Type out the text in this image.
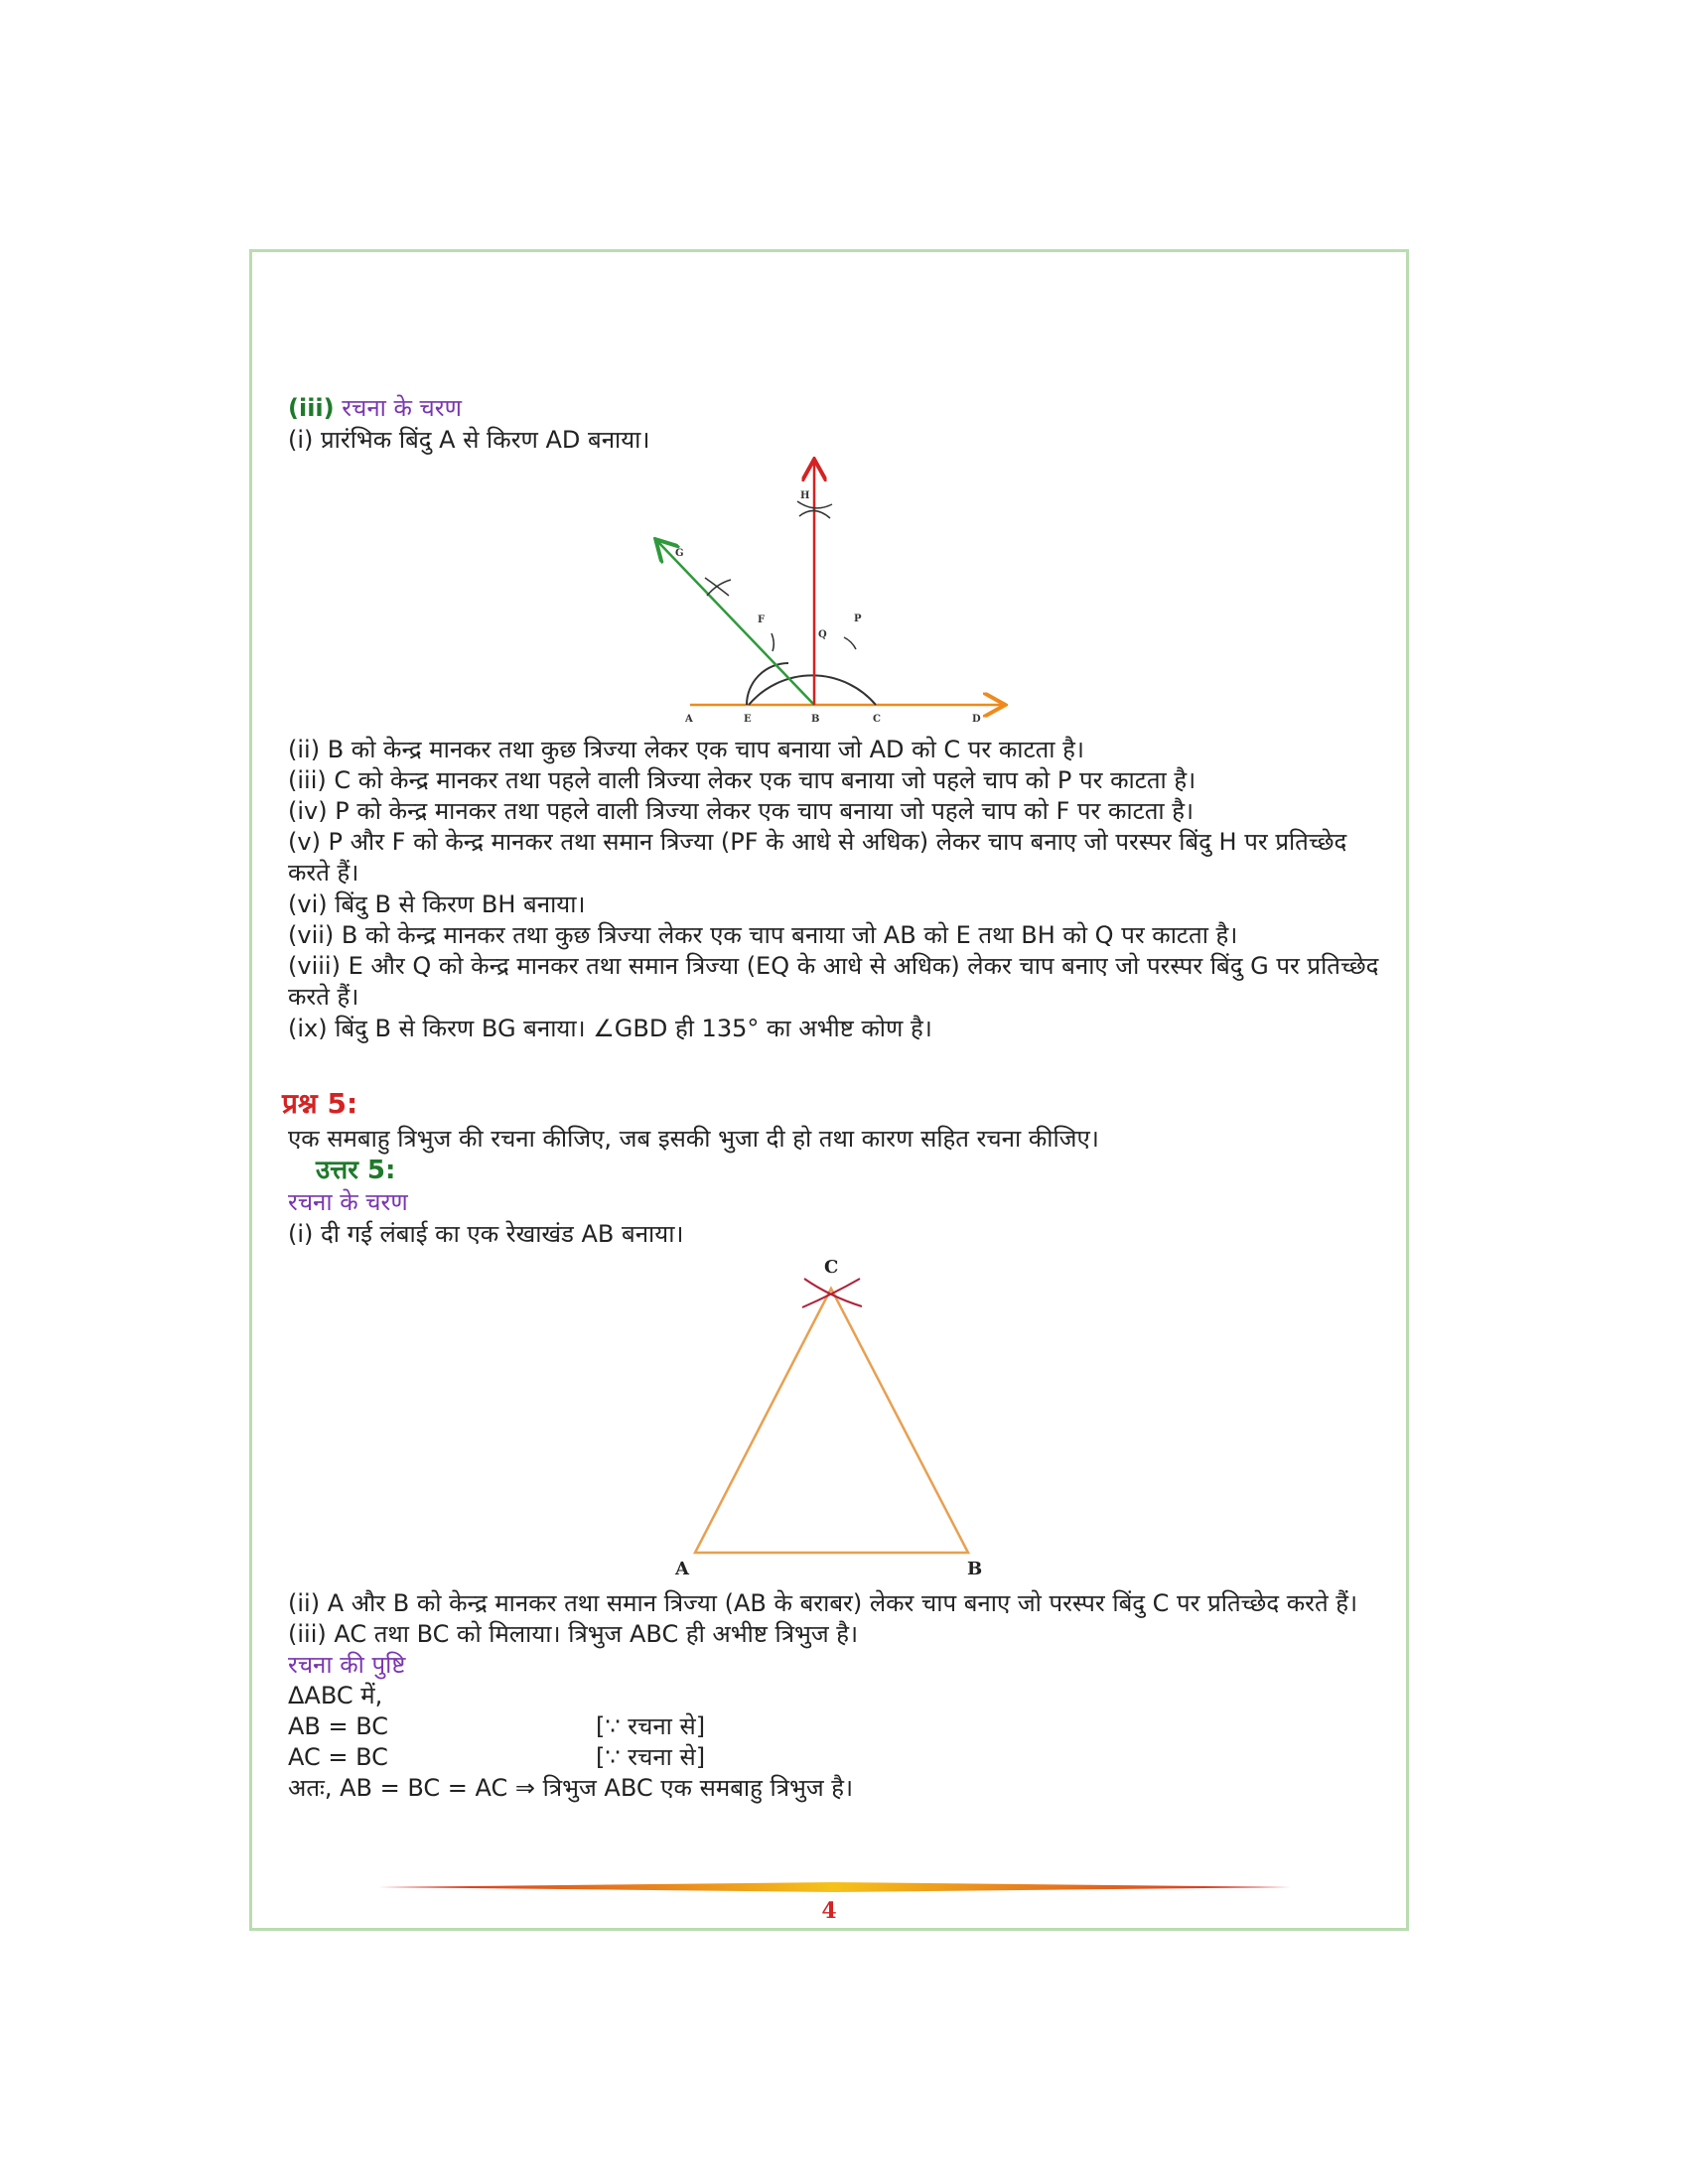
(iii) रचना के चरण
(i) प्रारंभिक बिंदु A से किरण AD बनाया।
A	E	B	C	D
H
G
F	P
Q
(ii) B को केन्द्र मानकर तथा कुछ त्रिज्या लेकर एक चाप बनाया जो AD को C पर काटता है।
(iii) C को केन्द्र मानकर तथा पहले वाली त्रिज्या लेकर एक चाप बनाया जो पहले चाप को P पर काटता है।
(iv) P को केन्द्र मानकर तथा पहले वाली त्रिज्या लेकर एक चाप बनाया जो पहले चाप को F पर काटता है।
(v) P और F को केन्द्र मानकर तथा समान त्रिज्या (PF के आधे से अधिक) लेकर चाप बनाए जो परस्पर बिंदु H पर प्रतिच्छेद करते हैं।
(vi) बिंदु B से किरण BH बनाया।
(vii) B को केन्द्र मानकर तथा कुछ त्रिज्या लेकर एक चाप बनाया जो AB को E तथा BH को Q पर काटता है।
(viii) E और Q को केन्द्र मानकर तथा समान त्रिज्या (EQ के आधे से अधिक) लेकर चाप बनाए जो परस्पर बिंदु G पर प्रतिच्छेद करते हैं।
(ix) बिंदु B से किरण BG बनाया। ∠GBD ही 135° का अभीष्ट कोण है।
प्रश्न 5:
एक समबाहु त्रिभुज की रचना कीजिए, जब इसकी भुजा दी हो तथा कारण सहित रचना कीजिए।
उत्तर 5:
रचना के चरण
(i) दी गई लंबाई का एक रेखाखंड AB बनाया।
C
A	B
(ii) A और B को केन्द्र मानकर तथा समान त्रिज्या (AB के बराबर) लेकर चाप बनाए जो परस्पर बिंदु C पर प्रतिच्छेद करते हैं।
(iii) AC तथा BC को मिलाया। त्रिभुज ABC ही अभीष्ट त्रिभुज है।
रचना की पुष्टि
ΔABC में,
AB = BC	[∵ रचना से]
AC = BC	[∵ रचना से]
अतः, AB = BC = AC ⇒ त्रिभुज ABC एक समबाहु त्रिभुज है।
4
